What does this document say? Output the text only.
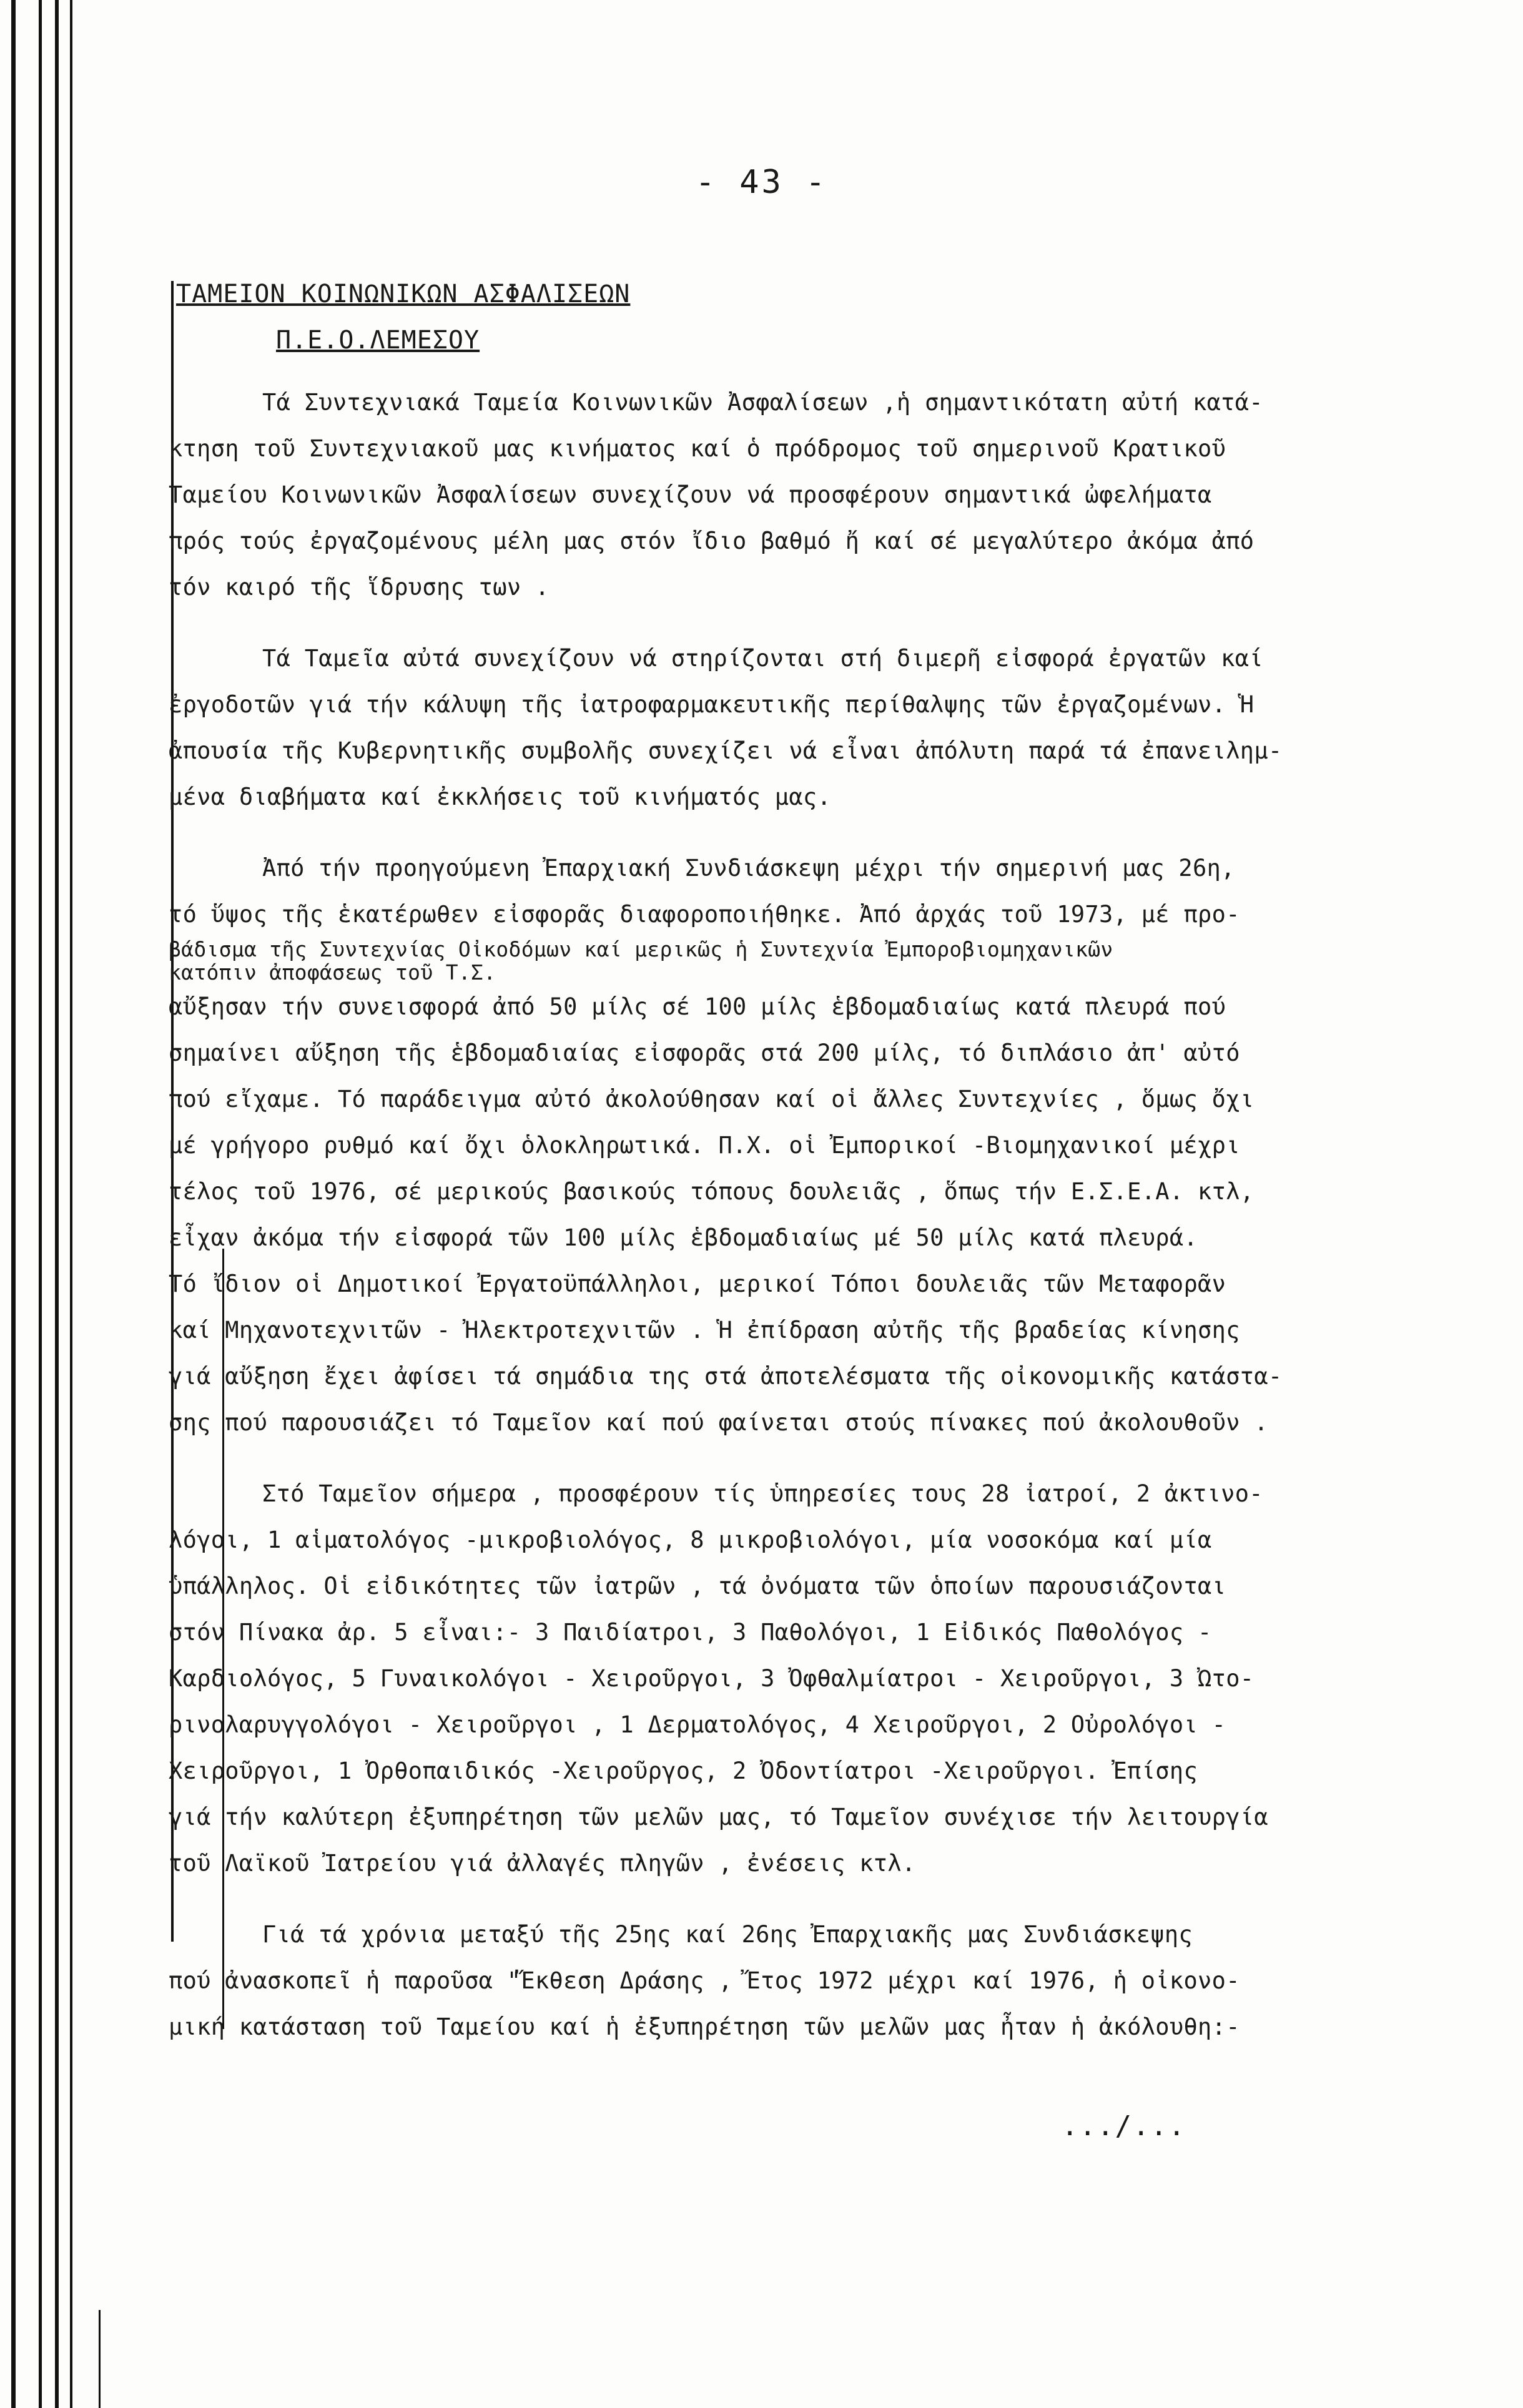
- 43 -
ΤΑΜΕΙΟΝ ΚΟΙΝΩΝΙΚΩΝ ΑΣΦΑΛΙΣΕΩΝ
Π.Ε.Ο.ΛΕΜΕΣΟΥ
Τά Συντεχνιακά Ταμεία Κοινωνικῶν Ἀσφαλίσεων ,ἡ σημαντικότατη αὐτή κατά-
κτηση τοῦ Συντεχνιακοῦ μας κινήματος καί ὁ πρόδρομος τοῦ σημερινοῦ Κρατικοῦ
Ταμείου Κοινωνικῶν Ἀσφαλίσεων συνεχίζουν νά προσφέρουν σημαντικά ὠφελήματα
πρός τούς ἐργαζομένους μέλη μας στόν ἴδιο βαθμό ἤ καί σέ μεγαλύτερο ἀκόμα ἀπό
τόν καιρό τῆς ἵδρυσης των .
Τά Ταμεῖα αὐτά συνεχίζουν νά στηρίζονται στή διμερῆ εἰσφορά ἐργατῶν καί
ἐργοδοτῶν γιά τήν κάλυψη τῆς ἰατροφαρμακευτικῆς περίθαλψης τῶν ἐργαζομένων. Ἡ
ἀπουσία τῆς Κυβερνητικῆς συμβολῆς συνεχίζει νά εἶναι ἀπόλυτη παρά τά ἐπανειλημ-
μένα διαβήματα καί ἐκκλήσεις τοῦ κινήματός μας.
Ἀπό τήν προηγούμενη Ἐπαρχιακή Συνδιάσκεψη μέχρι τήν σημερινή μας 26η,
τό ὕψος τῆς ἑκατέρωθεν εἰσφορᾶς διαφοροποιήθηκε. Ἀπό ἀρχάς τοῦ 1973, μέ προ-
βάδισμα τῆς Συντεχνίας Οἰκοδόμων καί μερικῶς ἡ Συντεχνία Ἐμποροβιομηχανικῶν
κατόπιν ἀποφάσεως τοῦ Τ.Σ.
αὔξησαν τήν συνεισφορά ἀπό 50 μίλς σέ 100 μίλς ἑβδομαδιαίως κατά πλευρά πού
σημαίνει αὔξηση τῆς ἑβδομαδιαίας εἰσφορᾶς στά 200 μίλς, τό διπλάσιο ἀπ' αὐτό
πού εἴχαμε. Τό παράδειγμα αὐτό ἀκολούθησαν καί οἱ ἄλλες Συντεχνίες , ὅμως ὄχι
μέ γρήγορο ρυθμό καί ὄχι ὁλοκληρωτικά. Π.Χ. οἱ Ἐμπορικοί -Βιομηχανικοί μέχρι
τέλος τοῦ 1976, σέ μερικούς βασικούς τόπους δουλειᾶς , ὅπως τήν Ε.Σ.Ε.Α. κτλ,
εἶχαν ἀκόμα τήν εἰσφορά τῶν 100 μίλς ἑβδομαδιαίως μέ 50 μίλς κατά πλευρά.
Τό ἴδιον οἱ Δημοτικοί Ἐργατοϋπάλληλοι, μερικοί Τόποι δουλειᾶς τῶν Μεταφορᾶν
καί Μηχανοτεχνιτῶν - Ἠλεκτροτεχνιτῶν . Ἡ ἐπίδραση αὐτῆς τῆς βραδείας κίνησης
γιά αὔξηση ἔχει ἀφίσει τά σημάδια της στά ἀποτελέσματα τῆς οἰκονομικῆς κατάστα-
σης πού παρουσιάζει τό Ταμεῖον καί πού φαίνεται στούς πίνακες πού ἀκολουθοῦν .
Στό Ταμεῖον σήμερα , προσφέρουν τίς ὑπηρεσίες τους 28 ἰατροί, 2 ἀκτινο-
λόγοι, 1 αἱματολόγος -μικροβιολόγος, 8 μικροβιολόγοι, μία νοσοκόμα καί μία
ὑπάλληλος. Οἱ εἰδικότητες τῶν ἰατρῶν , τά ὀνόματα τῶν ὁποίων παρουσιάζονται
στόν Πίνακα ἀρ. 5 εἶναι:- 3 Παιδίατροι, 3 Παθολόγοι, 1 Εἰδικός Παθολόγος -
Καρδιολόγος, 5 Γυναικολόγοι - Χειροῦργοι, 3 Ὀφθαλμίατροι - Χειροῦργοι, 3 Ὠτο-
ρινολαρυγγολόγοι - Χειροῦργοι , 1 Δερματολόγος, 4 Χειροῦργοι, 2 Οὐρολόγοι -
Χειροῦργοι, 1 Ὀρθοπαιδικός -Χειροῦργος, 2 Ὀδοντίατροι -Χειροῦργοι. Ἐπίσης
γιά τήν καλύτερη ἐξυπηρέτηση τῶν μελῶν μας, τό Ταμεῖον συνέχισε τήν λειτουργία
τοῦ Λαϊκοῦ Ἰατρείου γιά ἀλλαγές πληγῶν , ἐνέσεις κτλ.
Γιά τά χρόνια μεταξύ τῆς 25ης καί 26ης Ἐπαρχιακῆς μας Συνδιάσκεψης
πού ἀνασκοπεῖ ἡ παροῦσα "Ἔκθεση Δράσης , Ἔτος 1972 μέχρι καί 1976, ἡ οἰκονο-
μική κατάσταση τοῦ Ταμείου καί ἡ ἐξυπηρέτηση τῶν μελῶν μας ἦταν ἡ ἀκόλουθη:-
.../...
